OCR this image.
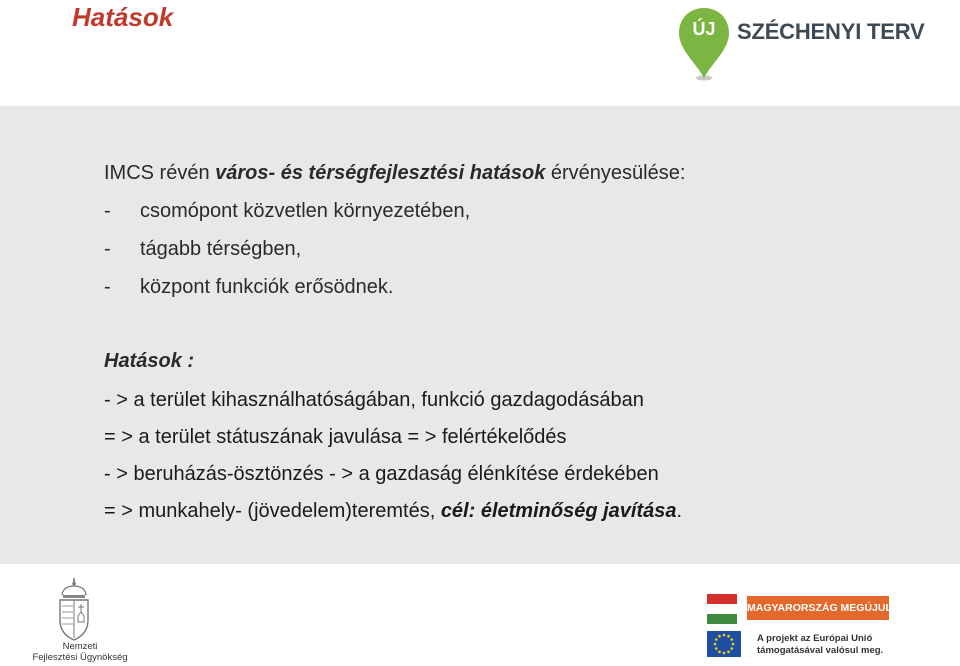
Hatások	ÚJ SZÉCHENYI TERV
IMCS révén város- és térségfejlesztési hatások érvényesülése:
-	csomópont közvetlen környezetében,
-	tágabb térségben,
-	központ funkciók erősödnek.
Hatások :
- > a terület kihasználhatóságában, funkció gazdagodásában
= > a terület státuszának javulása = > felértékelődés
- > beruházás-ösztönzés - > a gazdaság élénkítése érdekében
= > munkahely- (jövedelem)teremtés, cél: életminőség javítása.
Nemzeti
Fejlesztési Ügynökség
MAGYARORSZÁG MEGÚJUL
A projekt az Európai Unió
támogatásával valósul meg.
